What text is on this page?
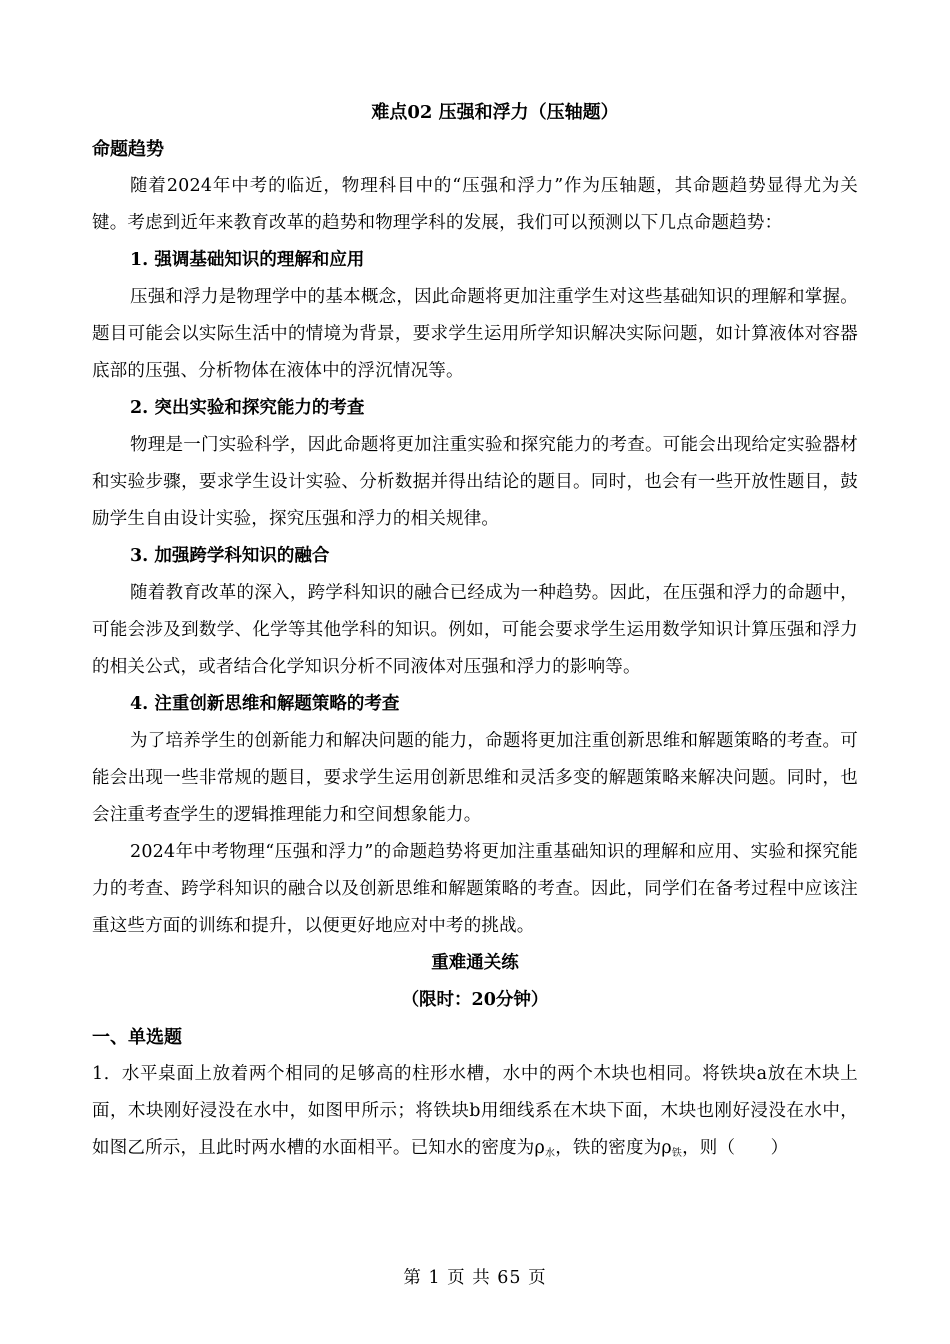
难点02 压强和浮力（压轴题）
命题趋势
随着2024年中考的临近，物理科目中的“压强和浮力”作为压轴题，其命题趋势显得尤为关键。考虑到近年来教育改革的趋势和物理学科的发展，我们可以预测以下几点命题趋势：
1. 强调基础知识的理解和应用
压强和浮力是物理学中的基本概念，因此命题将更加注重学生对这些基础知识的理解和掌握。题目可能会以实际生活中的情境为背景，要求学生运用所学知识解决实际问题，如计算液体对容器底部的压强、分析物体在液体中的浮沉情况等。
2. 突出实验和探究能力的考查
物理是一门实验科学，因此命题将更加注重实验和探究能力的考查。可能会出现给定实验器材和实验步骤，要求学生设计实验、分析数据并得出结论的题目。同时，也会有一些开放性题目，鼓励学生自由设计实验，探究压强和浮力的相关规律。
3. 加强跨学科知识的融合
随着教育改革的深入，跨学科知识的融合已经成为一种趋势。因此，在压强和浮力的命题中，可能会涉及到数学、化学等其他学科的知识。例如，可能会要求学生运用数学知识计算压强和浮力的相关公式，或者结合化学知识分析不同液体对压强和浮力的影响等。
4. 注重创新思维和解题策略的考查
为了培养学生的创新能力和解决问题的能力，命题将更加注重创新思维和解题策略的考查。可能会出现一些非常规的题目，要求学生运用创新思维和灵活多变的解题策略来解决问题。同时，也会注重考查学生的逻辑推理能力和空间想象能力。
2024年中考物理“压强和浮力”的命题趋势将更加注重基础知识的理解和应用、实验和探究能力的考查、跨学科知识的融合以及创新思维和解题策略的考查。因此，同学们在备考过程中应该注重这些方面的训练和提升，以便更好地应对中考的挑战。
重难通关练
（限时：20分钟）
一、单选题
1．水平桌面上放着两个相同的足够高的柱形水槽，水中的两个木块也相同。将铁块a放在木块上面，木块刚好浸没在水中，如图甲所示；将铁块b用细线系在木块下面，木块也刚好浸没在水中，如图乙所示，且此时两水槽的水面相平。已知水的密度为$\rho_水$，铁的密度为$\rho_铁$，则（　　）
第 1 页 共 65 页
